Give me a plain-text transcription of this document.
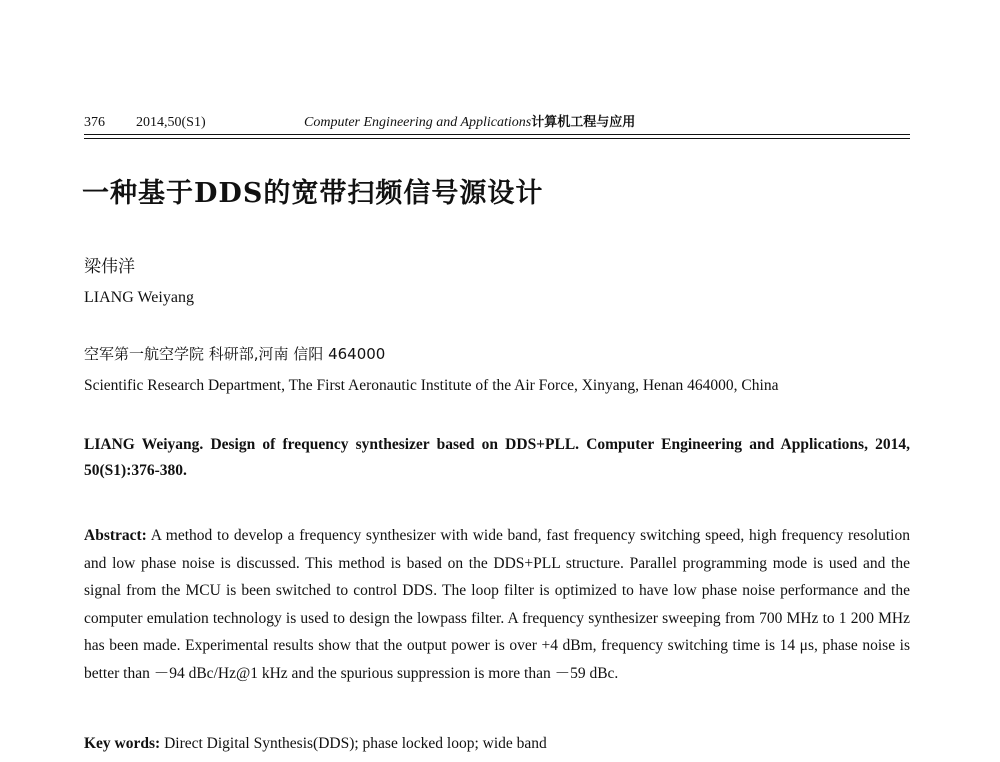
376 2014,50(S1)	Computer Engineering and Applications计算机工程与应用
一种基于DDS的宽带扫频信号源设计
梁伟洋
LIANG Weiyang
空军第一航空学院 科研部,河南 信阳 464000
Scientific Research Department, The First Aeronautic Institute of the Air Force, Xinyang, Henan 464000, China
LIANG Weiyang. Design of frequency synthesizer based on DDS+PLL. Computer Engineering and Applications, 2014, 50(S1):376-380.
Abstract: A method to develop a frequency synthesizer with wide band, fast frequency switching speed, high frequency resolution and low phase noise is discussed. This method is based on the DDS+PLL structure. Parallel programming mode is used and the signal from the MCU is been switched to control DDS. The loop filter is optimized to have low phase noise performance and the computer emulation technology is used to design the lowpass filter. A frequency synthesizer sweeping from 700 MHz to 1 200 MHz has been made. Experimental results show that the output power is over +4 dBm, frequency switching time is 14 μs, phase noise is better than －94 dBc/Hz@1 kHz and the spurious suppression is more than －59 dBc.
Key words: Direct Digital Synthesis(DDS); phase locked loop; wide band
